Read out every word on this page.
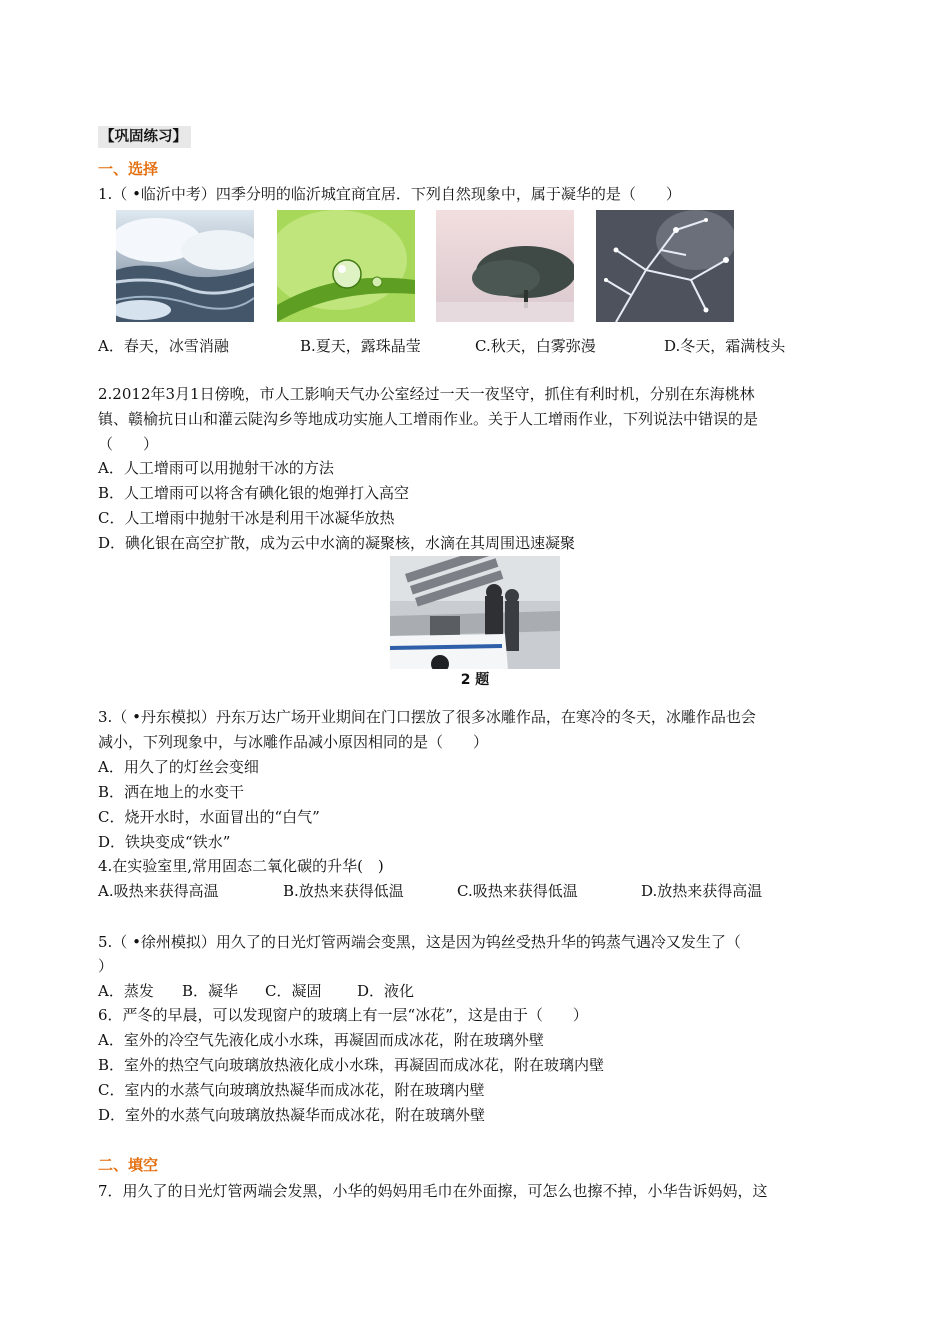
【巩固练习】
一、选择
1.（ •临沂中考）四季分明的临沂城宜商宜居．下列自然现象中，属于凝华的是（　　）
A．春天，冰雪消融	B.夏天，露珠晶莹	C.秋天，白雾弥漫	D.冬天，霜满枝头
2.2012年3月1日傍晚，市人工影响天气办公室经过一天一夜坚守，抓住有利时机，分别在东海桃林
镇、赣榆抗日山和灌云陡沟乡等地成功实施人工增雨作业。关于人工增雨作业，下列说法中错误的是
（　　）
A．人工增雨可以用抛射干冰的方法
B．人工增雨可以将含有碘化银的炮弹打入高空
C．人工增雨中抛射干冰是利用干冰凝华放热
D．碘化银在高空扩散，成为云中水滴的凝聚核，水滴在其周围迅速凝聚
2 题
3.（ •丹东模拟）丹东万达广场开业期间在门口摆放了很多冰雕作品，在寒冷的冬天，冰雕作品也会
减小，下列现象中，与冰雕作品减小原因相同的是（　　）
A．用久了的灯丝会变细
B．洒在地上的水变干
C．烧开水时，水面冒出的“白气”
D．铁块变成“铁水”
4.在实验室里,常用固态二氧化碳的升华(　)
A.吸热来获得高温	B.放热来获得低温	C.吸热来获得低温	D.放热来获得高温
5.（ •徐州模拟）用久了的日光灯管两端会变黑，这是因为钨丝受热升华的钨蒸气遇冷又发生了（
）
A．蒸发 B．凝华 C．凝固 D．液化
6．严冬的早晨，可以发现窗户的玻璃上有一层“冰花”，这是由于（　　）
A．室外的冷空气先液化成小水珠，再凝固而成冰花，附在玻璃外壁
B．室外的热空气向玻璃放热液化成小水珠，再凝固而成冰花，附在玻璃内壁
C．室内的水蒸气向玻璃放热凝华而成冰花，附在玻璃内壁
D．室外的水蒸气向玻璃放热凝华而成冰花，附在玻璃外壁
二、填空
7．用久了的日光灯管两端会发黑，小华的妈妈用毛巾在外面擦，可怎么也擦不掉，小华告诉妈妈，这
